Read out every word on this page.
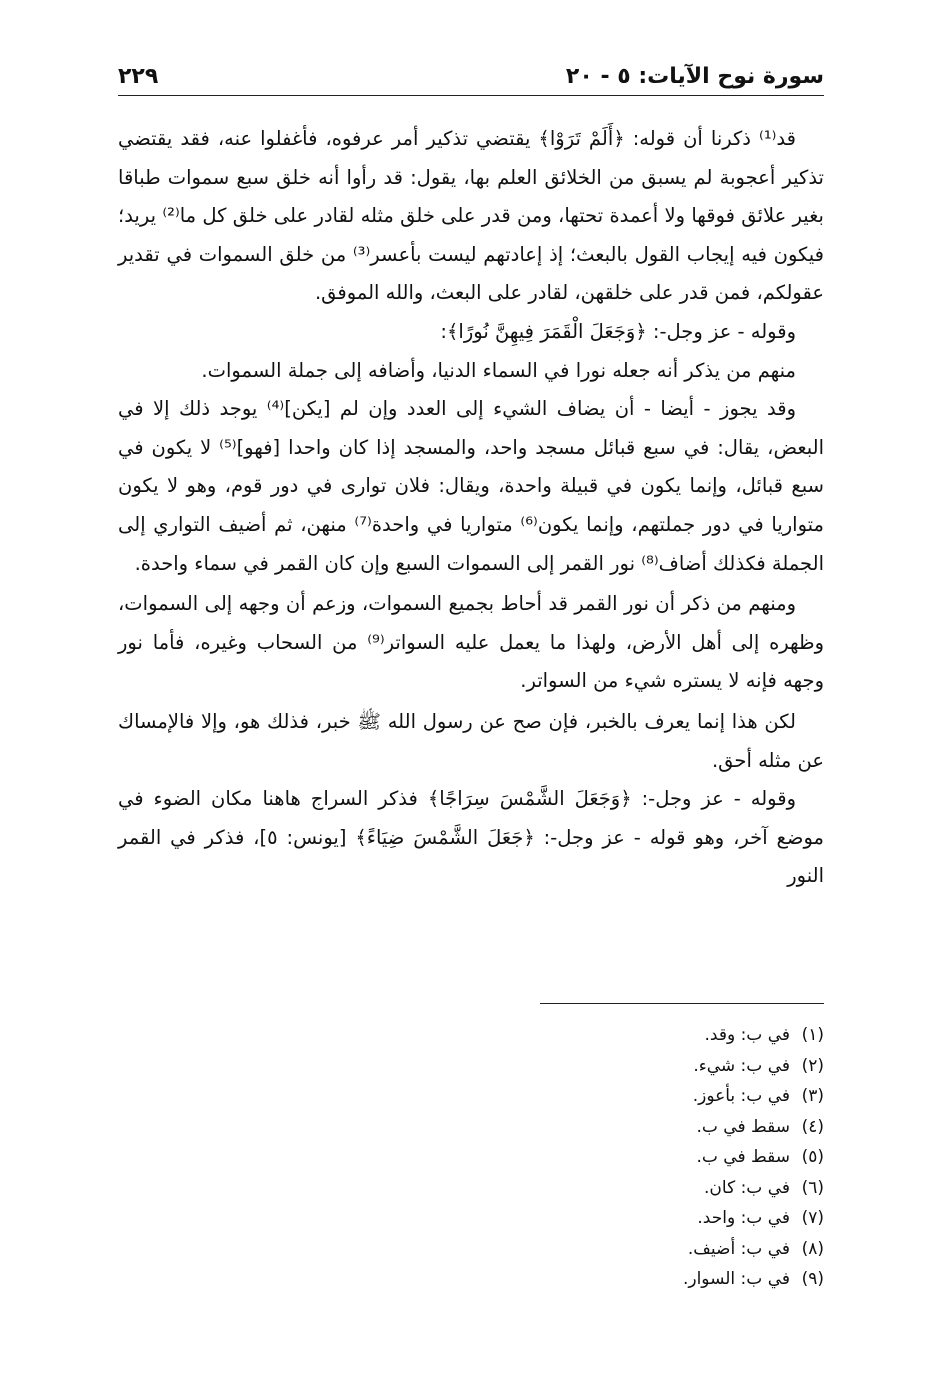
سورة نوح الآيات: ٥ - ٢٠
٢٢٩

قد⁽¹⁾ ذكرنا أن قوله: ﴿أَلَمْ تَرَوْا﴾ يقتضي تذكير أمر عرفوه، فأغفلوا عنه، فقد يقتضي تذكير أعجوبة لم يسبق من الخلائق العلم بها، يقول: قد رأوا أنه خلق سبع سموات طباقا بغير علائق فوقها ولا أعمدة تحتها، ومن قدر على خلق مثله لقادر على خلق كل ما⁽²⁾ يريد؛ فيكون فيه إيجاب القول بالبعث؛ إذ إعادتهم ليست بأعسر⁽³⁾ من خلق السموات في تقدير عقولكم، فمن قدر على خلقهن، لقادر على البعث، والله الموفق.

وقوله - عز وجل-: ﴿وَجَعَلَ الْقَمَرَ فِيهِنَّ نُورًا﴾:

منهم من يذكر أنه جعله نورا في السماء الدنيا، وأضافه إلى جملة السموات.

وقد يجوز - أيضا - أن يضاف الشيء إلى العدد وإن لم [يكن]⁽⁴⁾ يوجد ذلك إلا في البعض، يقال: في سبع قبائل مسجد واحد، والمسجد إذا كان واحدا [فهو]⁽⁵⁾ لا يكون في سبع قبائل، وإنما يكون في قبيلة واحدة، ويقال: فلان توارى في دور قوم، وهو لا يكون متواريا في دور جملتهم، وإنما يكون⁽⁶⁾ متواريا في واحدة⁽⁷⁾ منهن، ثم أضيف التواري إلى الجملة فكذلك أضاف⁽⁸⁾ نور القمر إلى السموات السبع وإن كان القمر في سماء واحدة.

ومنهم من ذكر أن نور القمر قد أحاط بجميع السموات، وزعم أن وجهه إلى السموات، وظهره إلى أهل الأرض، ولهذا ما يعمل عليه السواتر⁽⁹⁾ من السحاب وغيره، فأما نور وجهه فإنه لا يستره شيء من السواتر.

لكن هذا إنما يعرف بالخبر، فإن صح عن رسول الله ﷺ خبر، فذلك هو، وإلا فالإمساك عن مثله أحق.

وقوله - عز وجل-: ﴿وَجَعَلَ الشَّمْسَ سِرَاجًا﴾ فذكر السراج هاهنا مكان الضوء في موضع آخر، وهو قوله - عز وجل-: ﴿جَعَلَ الشَّمْسَ ضِيَاءً﴾ [يونس: ٥]، فذكر في القمر النور

(١)
في ب: وقد.
(٢)
في ب: شيء.
(٣)
في ب: بأعوز.
(٤)
سقط في ب.
(٥)
سقط في ب.
(٦)
في ب: كان.
(٧)
في ب: واحد.
(٨)
في ب: أضيف.
(٩)
في ب: السوار.
